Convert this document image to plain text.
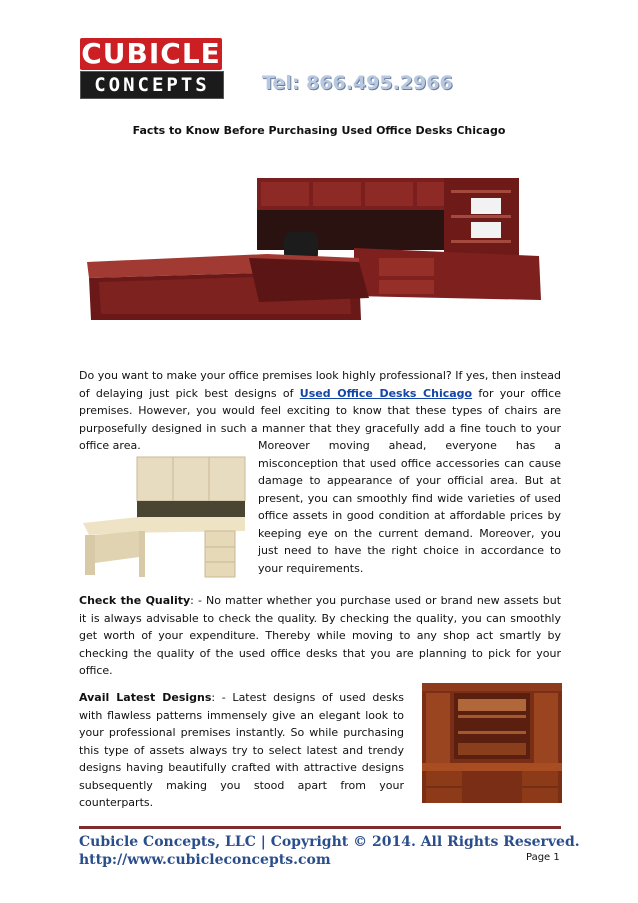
CUBICLE
CONCEPTS	Tel: 866.495.2966
Facts to Know Before Purchasing Used Office Desks Chicago

Do you want to make your office premises look highly professional? If yes, then instead of delaying just pick best designs of Used Office Desks Chicago for your office premises. However, you would feel exciting to know that these types of chairs are purposefully designed in such a manner that they gracefully add a fine touch to your office area.	Moreover moving ahead, everyone has a misconception that used office accessories can cause damage to appearance of your official area. But at present, you can smoothly find wide varieties of used office assets in good condition at affordable prices by keeping eye on the current demand. Moreover, you just need to have the right choice in accordance to your requirements.

Check the Quality: - No matter whether you purchase used or brand new assets but it is always advisable to check the quality. By checking the quality, you can smoothly get worth of your expenditure. Thereby while moving to any shop act smartly by checking the quality of the used office desks that you are planning to pick for your office.

Avail Latest Designs: - Latest designs of used desks with flawless patterns immensely give an elegant look to your professional premises instantly. So while purchasing this type of assets always try to select latest and trendy designs having beautifully crafted with attractive designs subsequently making you stood apart from your counterparts.

Cubicle Concepts, LLC | Copyright © 2014. All Rights Reserved.
http://www.cubicleconcepts.com	Page 1
